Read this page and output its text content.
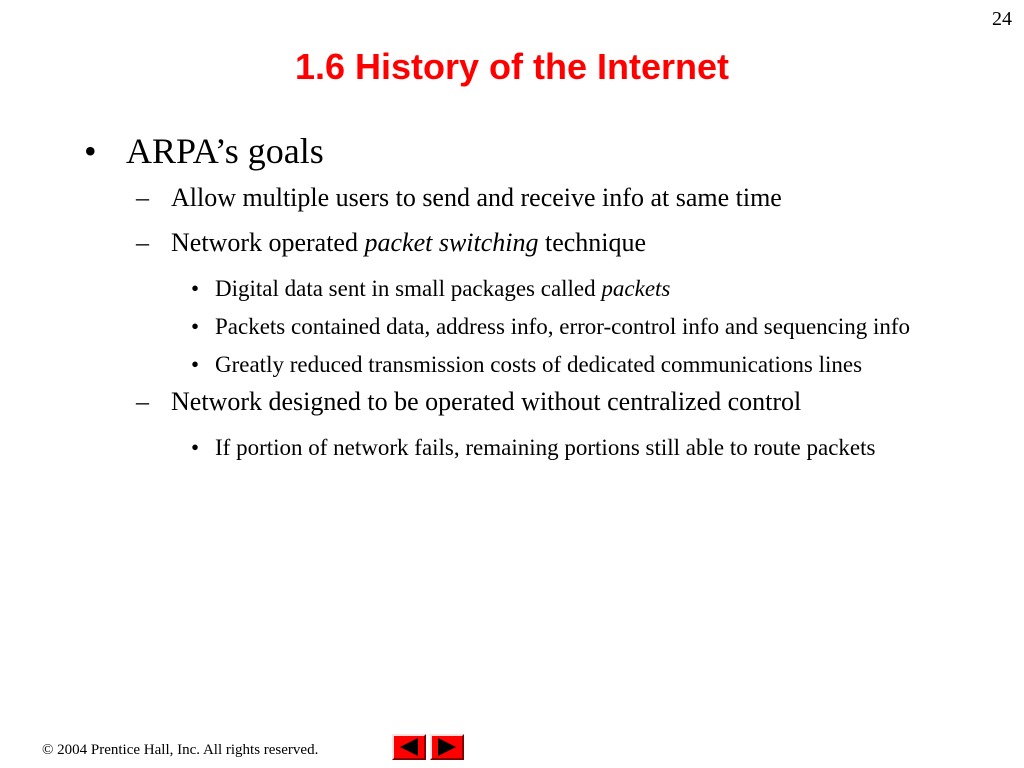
24
1.6 History of the Internet
• ARPA’s goals
– Allow multiple users to send and receive info at same time
– Network operated packet switching technique
• Digital data sent in small packages called packets
• Packets contained data, address info, error-control info and sequencing info
• Greatly reduced transmission costs of dedicated communications lines
– Network designed to be operated without centralized control
• If portion of network fails, remaining portions still able to route packets
© 2004 Prentice Hall, Inc. All rights reserved.
